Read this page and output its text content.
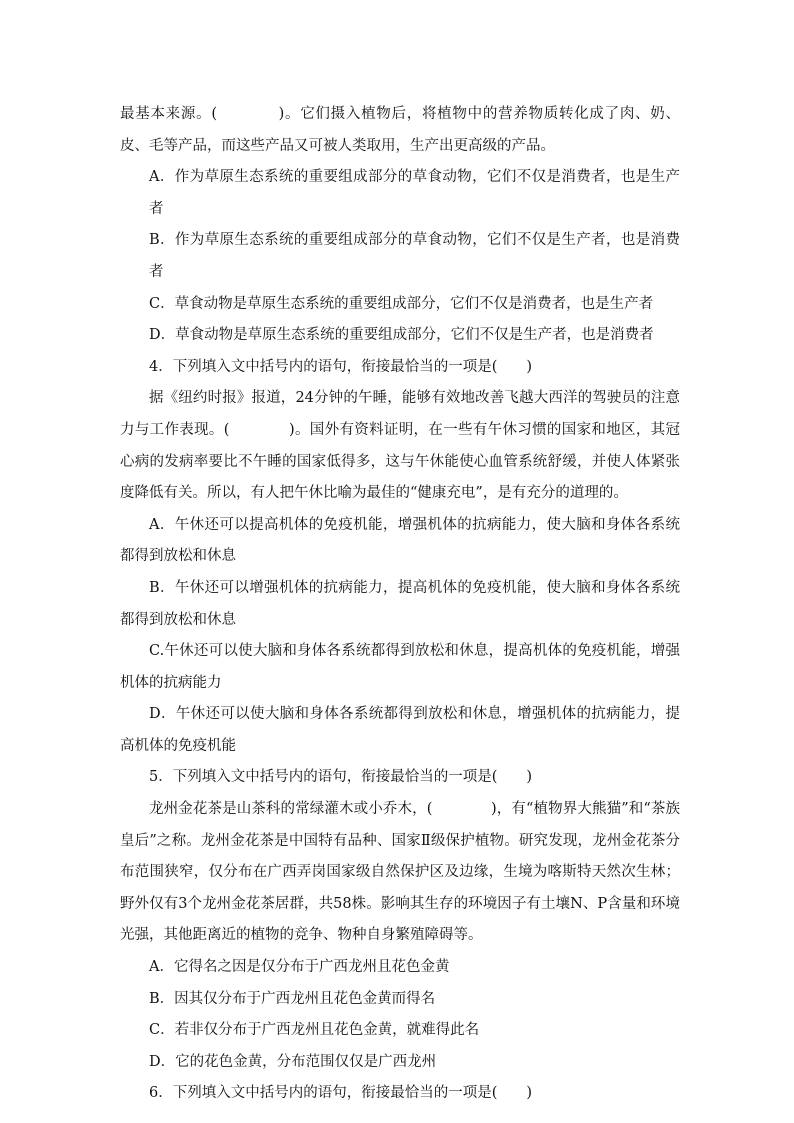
最基本来源。(　　　　)。它们摄入植物后，将植物中的营养物质转化成了肉、奶、皮、毛等产品，而这些产品又可被人类取用，生产出更高级的产品。

A．作为草原生态系统的重要组成部分的草食动物，它们不仅是消费者，也是生产者

B．作为草原生态系统的重要组成部分的草食动物，它们不仅是生产者，也是消费者

C．草食动物是草原生态系统的重要组成部分，它们不仅是消费者，也是生产者

D．草食动物是草原生态系统的重要组成部分，它们不仅是生产者，也是消费者

4．下列填入文中括号内的语句，衔接最恰当的一项是(　　)

据《纽约时报》报道，24分钟的午睡，能够有效地改善飞越大西洋的驾驶员的注意力与工作表现。(　　　　)。国外有资料证明，在一些有午休习惯的国家和地区，其冠心病的发病率要比不午睡的国家低得多，这与午休能使心血管系统舒缓，并使人体紧张度降低有关。所以，有人把午休比喻为最佳的“健康充电”，是有充分的道理的。

A．午休还可以提高机体的免疫机能，增强机体的抗病能力，使大脑和身体各系统都得到放松和休息

B．午休还可以增强机体的抗病能力，提高机体的免疫机能，使大脑和身体各系统都得到放松和休息

C.午休还可以使大脑和身体各系统都得到放松和休息，提高机体的免疫机能，增强机体的抗病能力

D．午休还可以使大脑和身体各系统都得到放松和休息，增强机体的抗病能力，提高机体的免疫机能

5．下列填入文中括号内的语句，衔接最恰当的一项是(　　)

龙州金花茶是山茶科的常绿灌木或小乔木，(　　　　)，有“植物界大熊猫”和“茶族皇后”之称。龙州金花茶是中国特有品种、国家Ⅱ级保护植物。研究发现，龙州金花茶分布范围狭窄，仅分布在广西弄岗国家级自然保护区及边缘，生境为喀斯特天然次生林；野外仅有3个龙州金花茶居群，共58株。影响其生存的环境因子有土壤N、P含量和环境光强，其他距离近的植物的竞争、物种自身繁殖障碍等。

A．它得名之因是仅分布于广西龙州且花色金黄

B．因其仅分布于广西龙州且花色金黄而得名

C．若非仅分布于广西龙州且花色金黄，就难得此名

D．它的花色金黄，分布范围仅仅是广西龙州

6．下列填入文中括号内的语句，衔接最恰当的一项是(　　)
